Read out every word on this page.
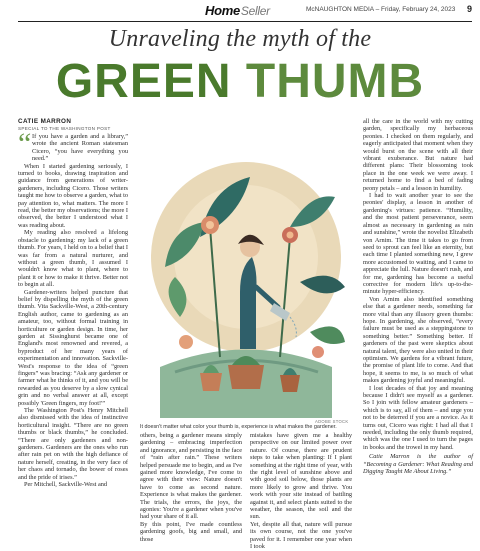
HomeSeller	McNAUGHTON MEDIA – Friday, February 24, 2023 9
Unraveling the myth of the
GREEN THUMB
CATIE MARRON
SPECIAL TO THE WASHINGTON POST
“ If you have a garden and a library,” wrote the ancient Roman statesman Cicero, “you have everything you need.”

When I started gardening seriously, I turned to books, drawing inspiration and guidance from generations of writer-gardeners, including Cicero. Those writers taught me how to observe a garden, what to pay attention to, what matters. The more I read, the better my observations; the more I observed, the better I understood what I was reading about.

My reading also resolved a lifelong obstacle to gardening: my lack of a green thumb. For years, I held on to a belief that I was far from a natural nurturer, and without a green thumb, I assumed I wouldn't know what to plant, where to plant it or how to make it thrive. Better not to begin at all.

Gardener-writers helped puncture that belief by dispelling the myth of the green thumb. Vita Sackville-West, a 20th-century English author, came to gardening as an amateur, too, without formal training in horticulture or garden design. In time, her garden at Sissinghurst became one of England's most renowned and revered, a byproduct of her many years of experimentation and innovation. Sackville-West's response to the idea of “green fingers” was bracing: “Ask any gardener or farmer what he thinks of it, and you will be rewarded as you deserve by a slow cynical grin and no verbal answer at all, except possibly 'Green fingers, my foot!'”

The Washington Post's Henry Mitchell also dismissed with the idea of instinctive horticultural insight. “There are no green thumbs or black thumbs,” he concluded. “There are only gardeners and non-gardeners. Gardeners are the ones who run after rain pet on with the high defiance of nature herself, creating, in the very face of her chaos and tornado, the bower of roses and the pride of irises.”

Per Mitchell, Sackville-West and

ADOBE STOCK
It doesn't matter what color your thumb is, experience is what makes the gardener.

others, being a gardener means simply gardening – embracing imperfection and ignorance, and persisting in the face of “rain after rain.” These writers helped persuade me to begin, and as I've gained more knowledge, I've come to agree with their view: Nature doesn't have to come as second nature. Experience is what makes the gardener. The trials, the errors, the joys, the agonies: You're a gardener when you've had your share of it all.

By this point, I've made countless gardening goofs, big and small, and those

mistakes have given me a healthy perspective on our limited power over nature. Of course, there are prudent steps to take when planting: If I plant something at the right time of year, with the right level of sunshine above and with good soil below, those plants are more likely to grow and thrive. You work with your site instead of battling against it, and select plants suited to the weather, the season, the soil and the sun.

Yet, despite all that, nature will pursue its own course, not the one you've paved for it. I remember one year when I took

all the care in the world with my cutting garden, specifically my herbaceous peonies. I checked on them regularly, and eagerly anticipated that moment when they would burst on the scene with all their vibrant exuberance. But nature had different plans: Their blossoming took place in the one week we were away. I returned home to find a bed of fading peony petals – and a lesson in humility.

I had to wait another year to see the peonies' display, a lesson in another of gardening's virtues: patience. “Humility, and the most patient perseverance, seem almost as necessary in gardening as rain and sunshine,” wrote the novelist Elizabeth von Arnim. The time it takes to go from seed to sprout can feel like an eternity, but each time I planted something new, I grew more accustomed to waiting, and I came to appreciate the lull. Nature doesn't rush, and for me, gardening has become a useful corrective for modern life's up-to-the-minute hyper-efficiency.

Von Arnim also identified something else that a gardener needs, something far more vital than any illusory green thumbs: hope. In gardening, she observed, “every failure must be used as a steppingstone to something better.” Something better. If gardeners of the past were skeptics about natural talent, they were also united in their optimism. We gardens for a vibrant future, the promise of plant life to come. And that hope, it seems to me, is so much of what makes gardening joyful and meaningful.

I lost decades of that joy and meaning because I didn't see myself as a gardener. So I join with fellow amateur gardeners – which is to say, all of them – and urge you not to be deterred if you are a novice. As it turns out, Cicero was right: I had all that I needed, including the only thumb required, which was the one I used to turn the pages in books and the trowel in my hand.

Catie Marron is the author of “Becoming a Gardener: What Reading and Digging Taught Me About Living.”
